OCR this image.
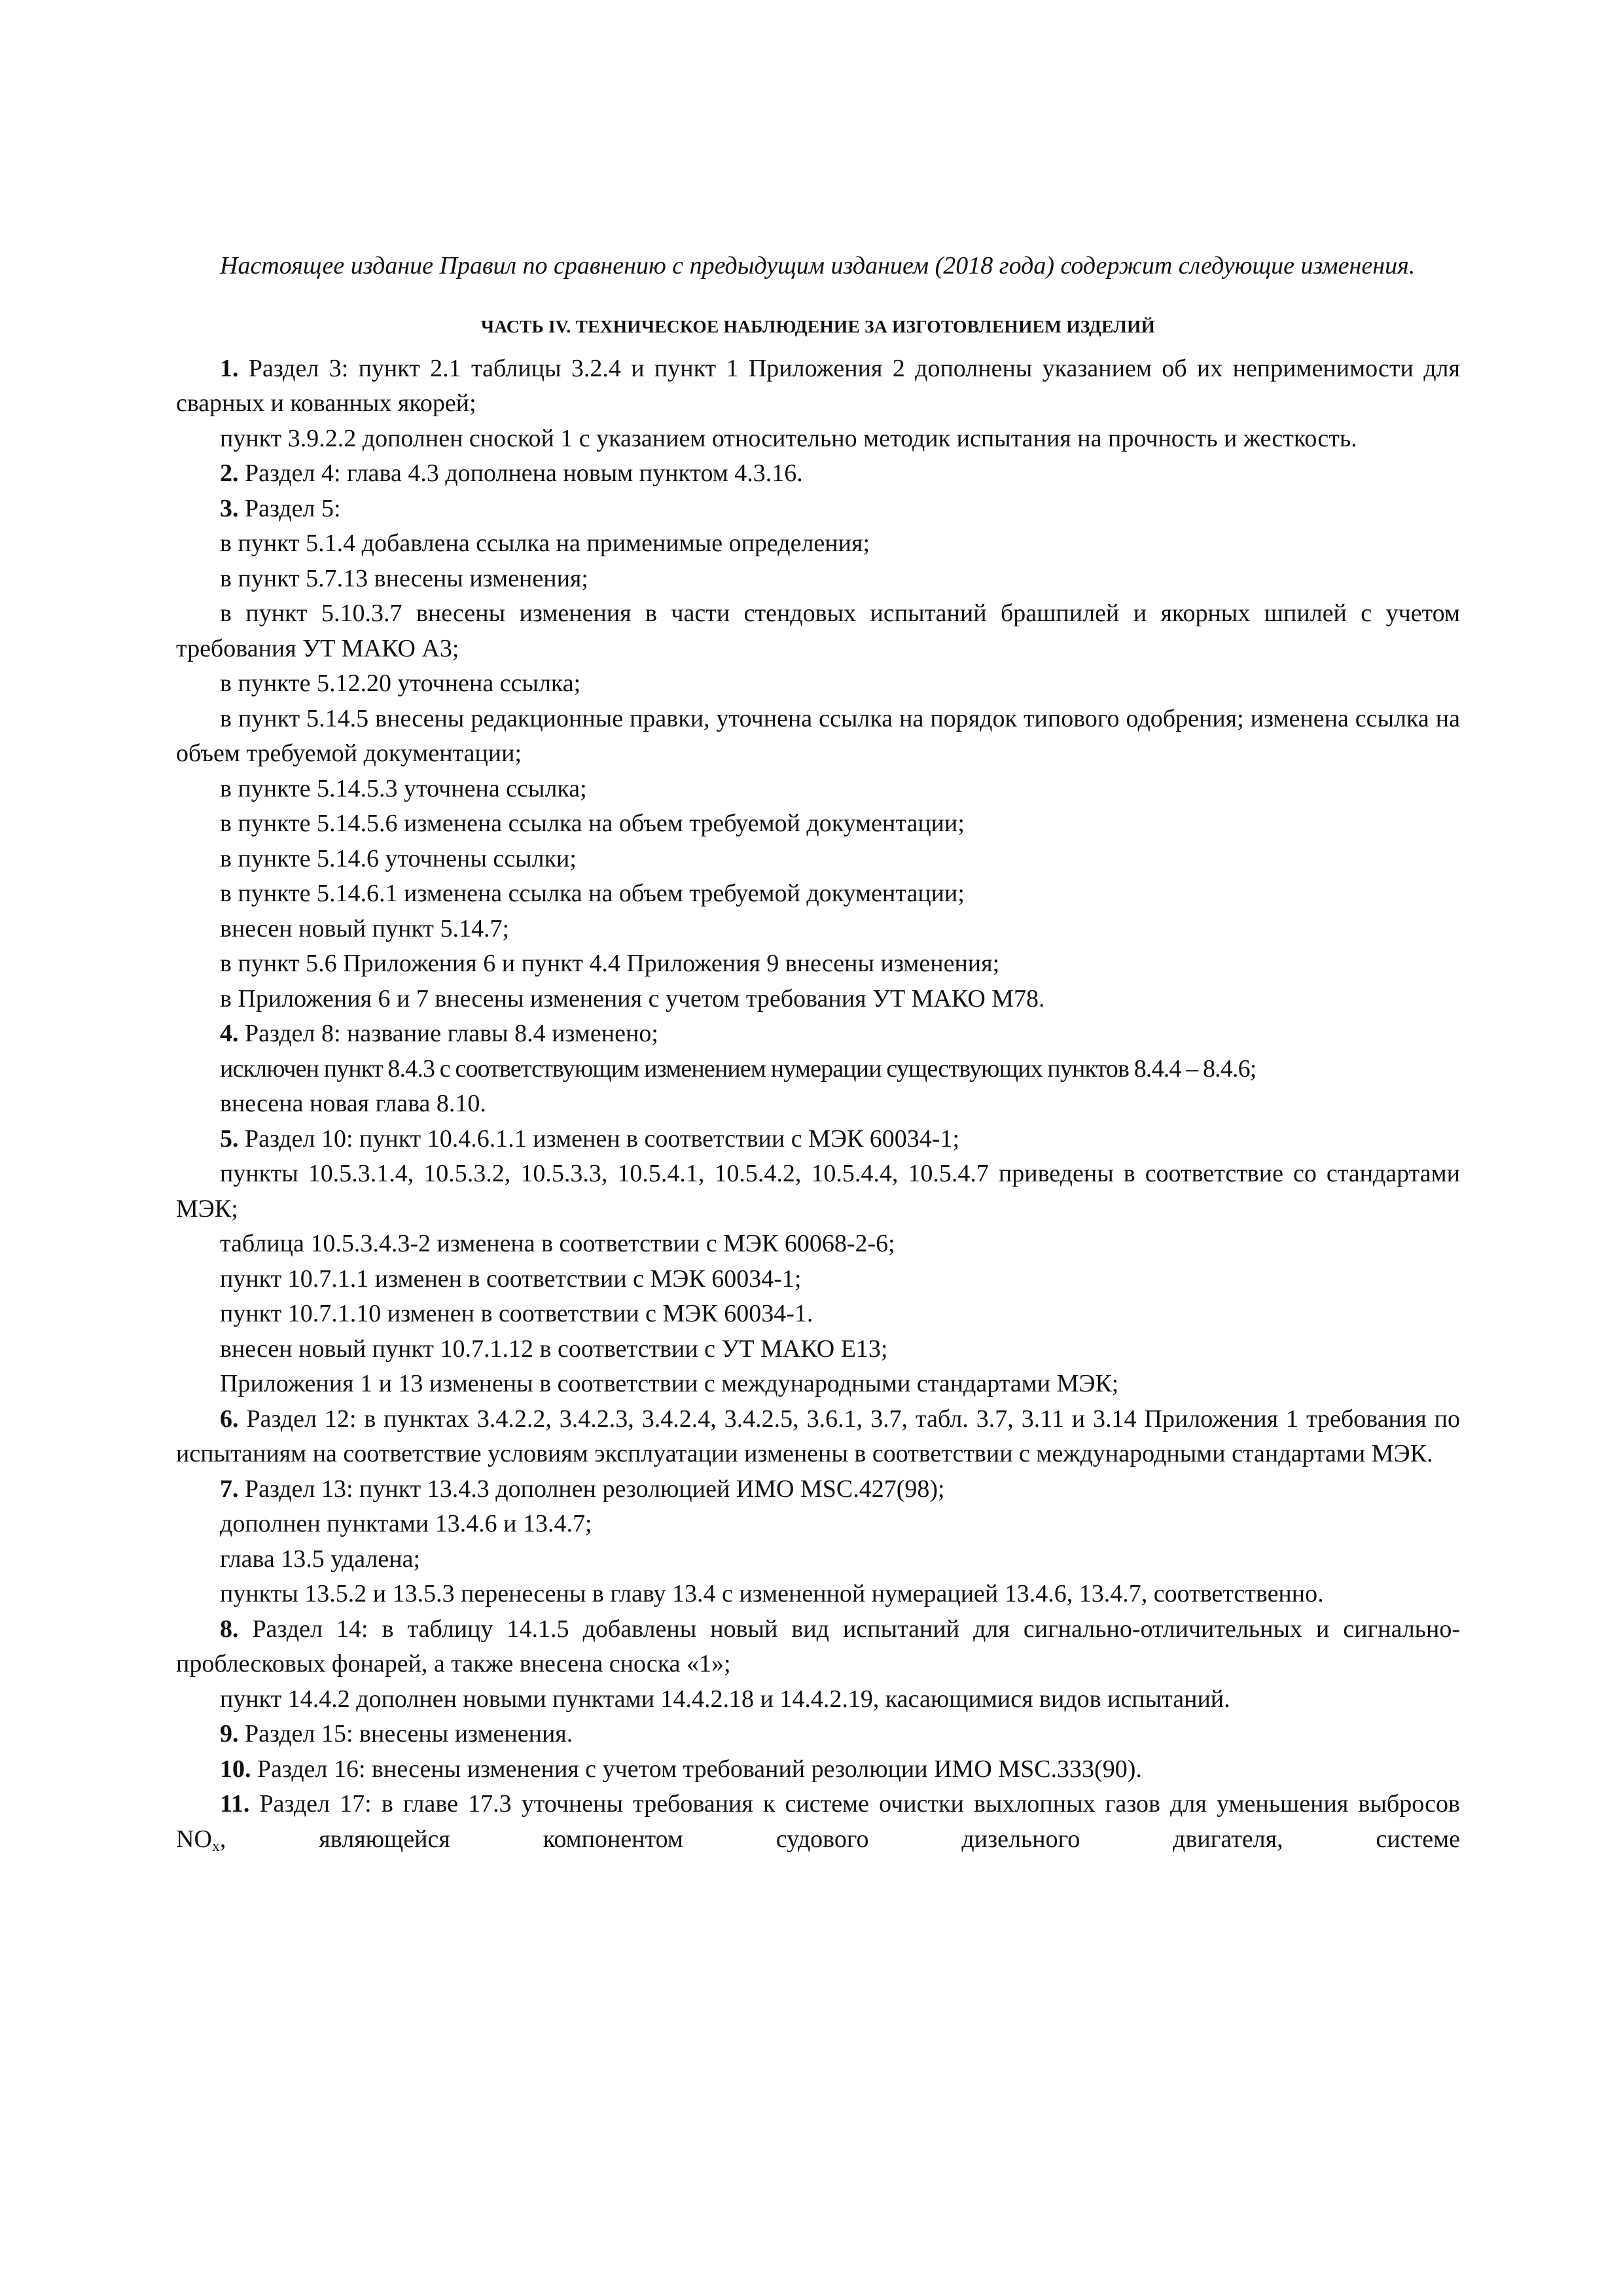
Настоящее издание Правил по сравнению с предыдущим изданием (2018 года) содержит следующие изменения.

ЧАСТЬ IV. ТЕХНИЧЕСКОЕ НАБЛЮДЕНИЕ ЗА ИЗГОТОВЛЕНИЕМ ИЗДЕЛИЙ

1. Раздел 3: пункт 2.1 таблицы 3.2.4 и пункт 1 Приложения 2 дополнены указанием об их неприменимости для сварных и кованных якорей;

пункт 3.9.2.2 дополнен сноской 1 с указанием относительно методик испытания на прочность и жесткость.

2. Раздел 4: глава 4.3 дополнена новым пунктом 4.3.16.

3. Раздел 5:

в пункт 5.1.4 добавлена ссылка на применимые определения;

в пункт 5.7.13 внесены изменения;

в пункт 5.10.3.7 внесены изменения в части стендовых испытаний брашпилей и якорных шпилей с учетом требования УТ МАКО А3;

в пункте 5.12.20 уточнена ссылка;

в пункт 5.14.5 внесены редакционные правки, уточнена ссылка на порядок типового одобрения; изменена ссылка на объем требуемой документации;

в пункте 5.14.5.3 уточнена ссылка;

в пункте 5.14.5.6 изменена ссылка на объем требуемой документации;

в пункте 5.14.6 уточнены ссылки;

в пункте 5.14.6.1 изменена ссылка на объем требуемой документации;

внесен новый пункт 5.14.7;

в пункт 5.6 Приложения 6 и пункт 4.4 Приложения 9 внесены изменения;

в Приложения 6 и 7 внесены изменения с учетом требования УТ МАКО М78.

4. Раздел 8: название главы 8.4 изменено;

исключен пункт 8.4.3 с соответствующим изменением нумерации существующих пунктов 8.4.4 – 8.4.6;

внесена новая глава 8.10.

5. Раздел 10: пункт 10.4.6.1.1 изменен в соответствии с МЭК 60034-1;

пункты 10.5.3.1.4, 10.5.3.2, 10.5.3.3, 10.5.4.1, 10.5.4.2, 10.5.4.4, 10.5.4.7 приведены в соответствие со стандартами МЭК;

таблица 10.5.3.4.3-2 изменена в соответствии с МЭК 60068-2-6;

пункт 10.7.1.1 изменен в соответствии с МЭК 60034-1;

пункт 10.7.1.10 изменен в соответствии с МЭК 60034-1.

внесен новый пункт 10.7.1.12 в соответствии с УТ МАКО Е13;

Приложения 1 и 13 изменены в соответствии с международными стандартами МЭК;

6. Раздел 12: в пунктах 3.4.2.2, 3.4.2.3, 3.4.2.4, 3.4.2.5, 3.6.1, 3.7, табл. 3.7, 3.11 и 3.14 Приложения 1 требования по испытаниям на соответствие условиям эксплуатации изменены в соответствии с международными стандартами МЭК.

7. Раздел 13: пункт 13.4.3 дополнен резолюцией ИМО MSC.427(98);

дополнен пунктами 13.4.6 и 13.4.7;

глава 13.5 удалена;

пункты 13.5.2 и 13.5.3 перенесены в главу 13.4 с измененной нумерацией 13.4.6, 13.4.7, соответственно.

8. Раздел 14: в таблицу 14.1.5 добавлены новый вид испытаний для сигнально-отличительных и сигнально-проблесковых фонарей, а также внесена сноска «1»;

пункт 14.4.2 дополнен новыми пунктами 14.4.2.18 и 14.4.2.19, касающимися видов испытаний.

9. Раздел 15: внесены изменения.

10. Раздел 16: внесены изменения с учетом требований резолюции ИМО MSC.333(90).

11. Раздел 17: в главе 17.3 уточнены требования к системе очистки выхлопных газов для уменьшения выбросов $NO_x$, являющейся компонентом судового дизельного двигателя, системе
